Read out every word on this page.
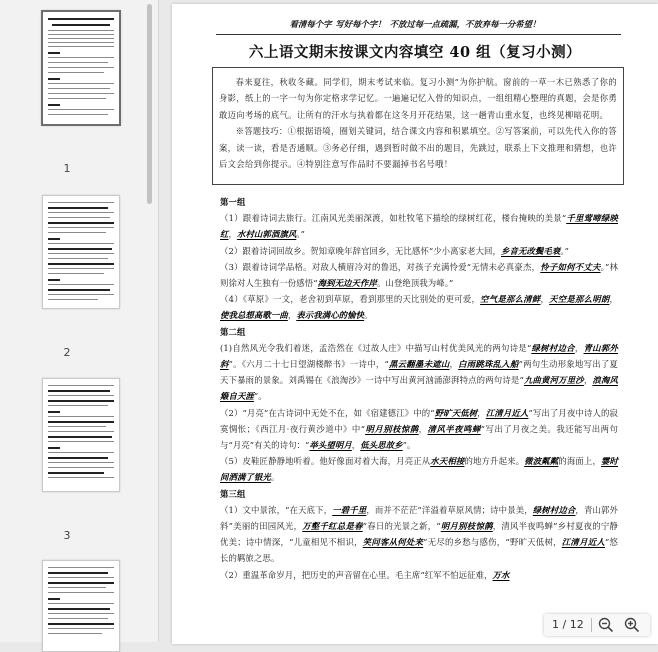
1
2
3
看清每个字 写好每个字！ 不放过每一点疏漏，不放弃每一分希望！
六上语文期末按课文内容填空 40 组（复习小测）

春来夏往，秋收冬藏。同学们，期末考试来临。复习小测”为你护航。窗前的一草一木已熟悉了你的身影，纸上的一字一句为你定格求学记忆。一遍遍记忆入骨的知识点，一组组精心整理的真题，会是你勇敢迈向考场的底气。让所有的汗水与执着都在这冬月开花结果，这一趟青山重水复，也终见柳暗花明。

※答题技巧：①根据语境，圈划关键词，结合课文内容和积累填空。②写答案前，可以先代入你的答案，读一读，看是否通顺。③务必仔细，遇到暂时做不出的题目，先跳过，联系上下文推理和猜想，也许后文会给到你提示。④特别注意写作品时不要漏掉书名号哦！

第一组

（1）跟着诗词去旅行。江南风光美丽深渡，如杜牧笔下描绘的绿树红花，楼台掩映的美景“千里莺啼绿映红，水村山郭酒旗风。”

（2）跟着诗词回故乡。贺知章晚年辞官回乡，无比感怀“少小离家老大回，乡音无改鬓毛衰。”

（3）跟着诗词学品格。对敌人横眉冷对的鲁迅，对孩子充满怜爱“无情未必真豪杰，怜子如何不丈夫。”林则徐对人生独有一份感悟“海到无边天作岸。山登绝顶我为峰。”

（4）《草原》一文，老舍初到草原，看到那里的天比别处的更可爱，空气是那么清鲜，天空是那么明朗，使我总想高歌一曲，表示我满心的愉快。

第二组

(1)自然风光令我们着迷，孟浩然在《过故人庄》中描写山村优美风光的两句诗是“绿树村边合，青山郭外斜”。《六月二十七日望湖楼醉书》一诗中，“黑云翻墨未遮山，白雨跳珠乱入船”两句生动形象地写出了夏天下暴雨的景象。刘禹锡在《浪淘沙》一诗中写出黄河汹涌澎湃特点的两句诗是“九曲黄河万里沙，浪淘风簸自天涯”。

（2）“月亮”在古诗词中无处不在，如《宿建德江》中的“野旷天低树，江清月近人”写出了月夜中诗人的寂寞惆怅；《西江月·夜行黄沙道中》中“明月别枝惊鹊，清风半夜鸣蝉”写出了月夜之美。我还能写出两句与“月亮”有关的诗句：“举头望明月，低头思故乡”。

（5）皮鞋匠静静地听着。他好像面对着大海，月亮正从水天相接的地方升起来。微波粼粼的海面上，霎时间洒满了银光。

第三组

（1）文中景浓，“在天底下，一碧千里，而并不茫茫”洋溢着草原风情；诗中景美，绿树村边合，青山郭外斜”美丽的田园风光，万壑千红总是春”春日的光景之新，“明月别枝惊鹊，清风半夜鸣蝉”乡村夏夜的宁静优美；诗中情深，“儿童相见不相识，笑问客从何处来”无尽的乡愁与感伤，“野旷天低树，江清月近人”悠长的羁旅之思。

（2）重温革命岁月，把历史的声音留在心里。毛主席“红军不怕远征难，万水

1 / 12
